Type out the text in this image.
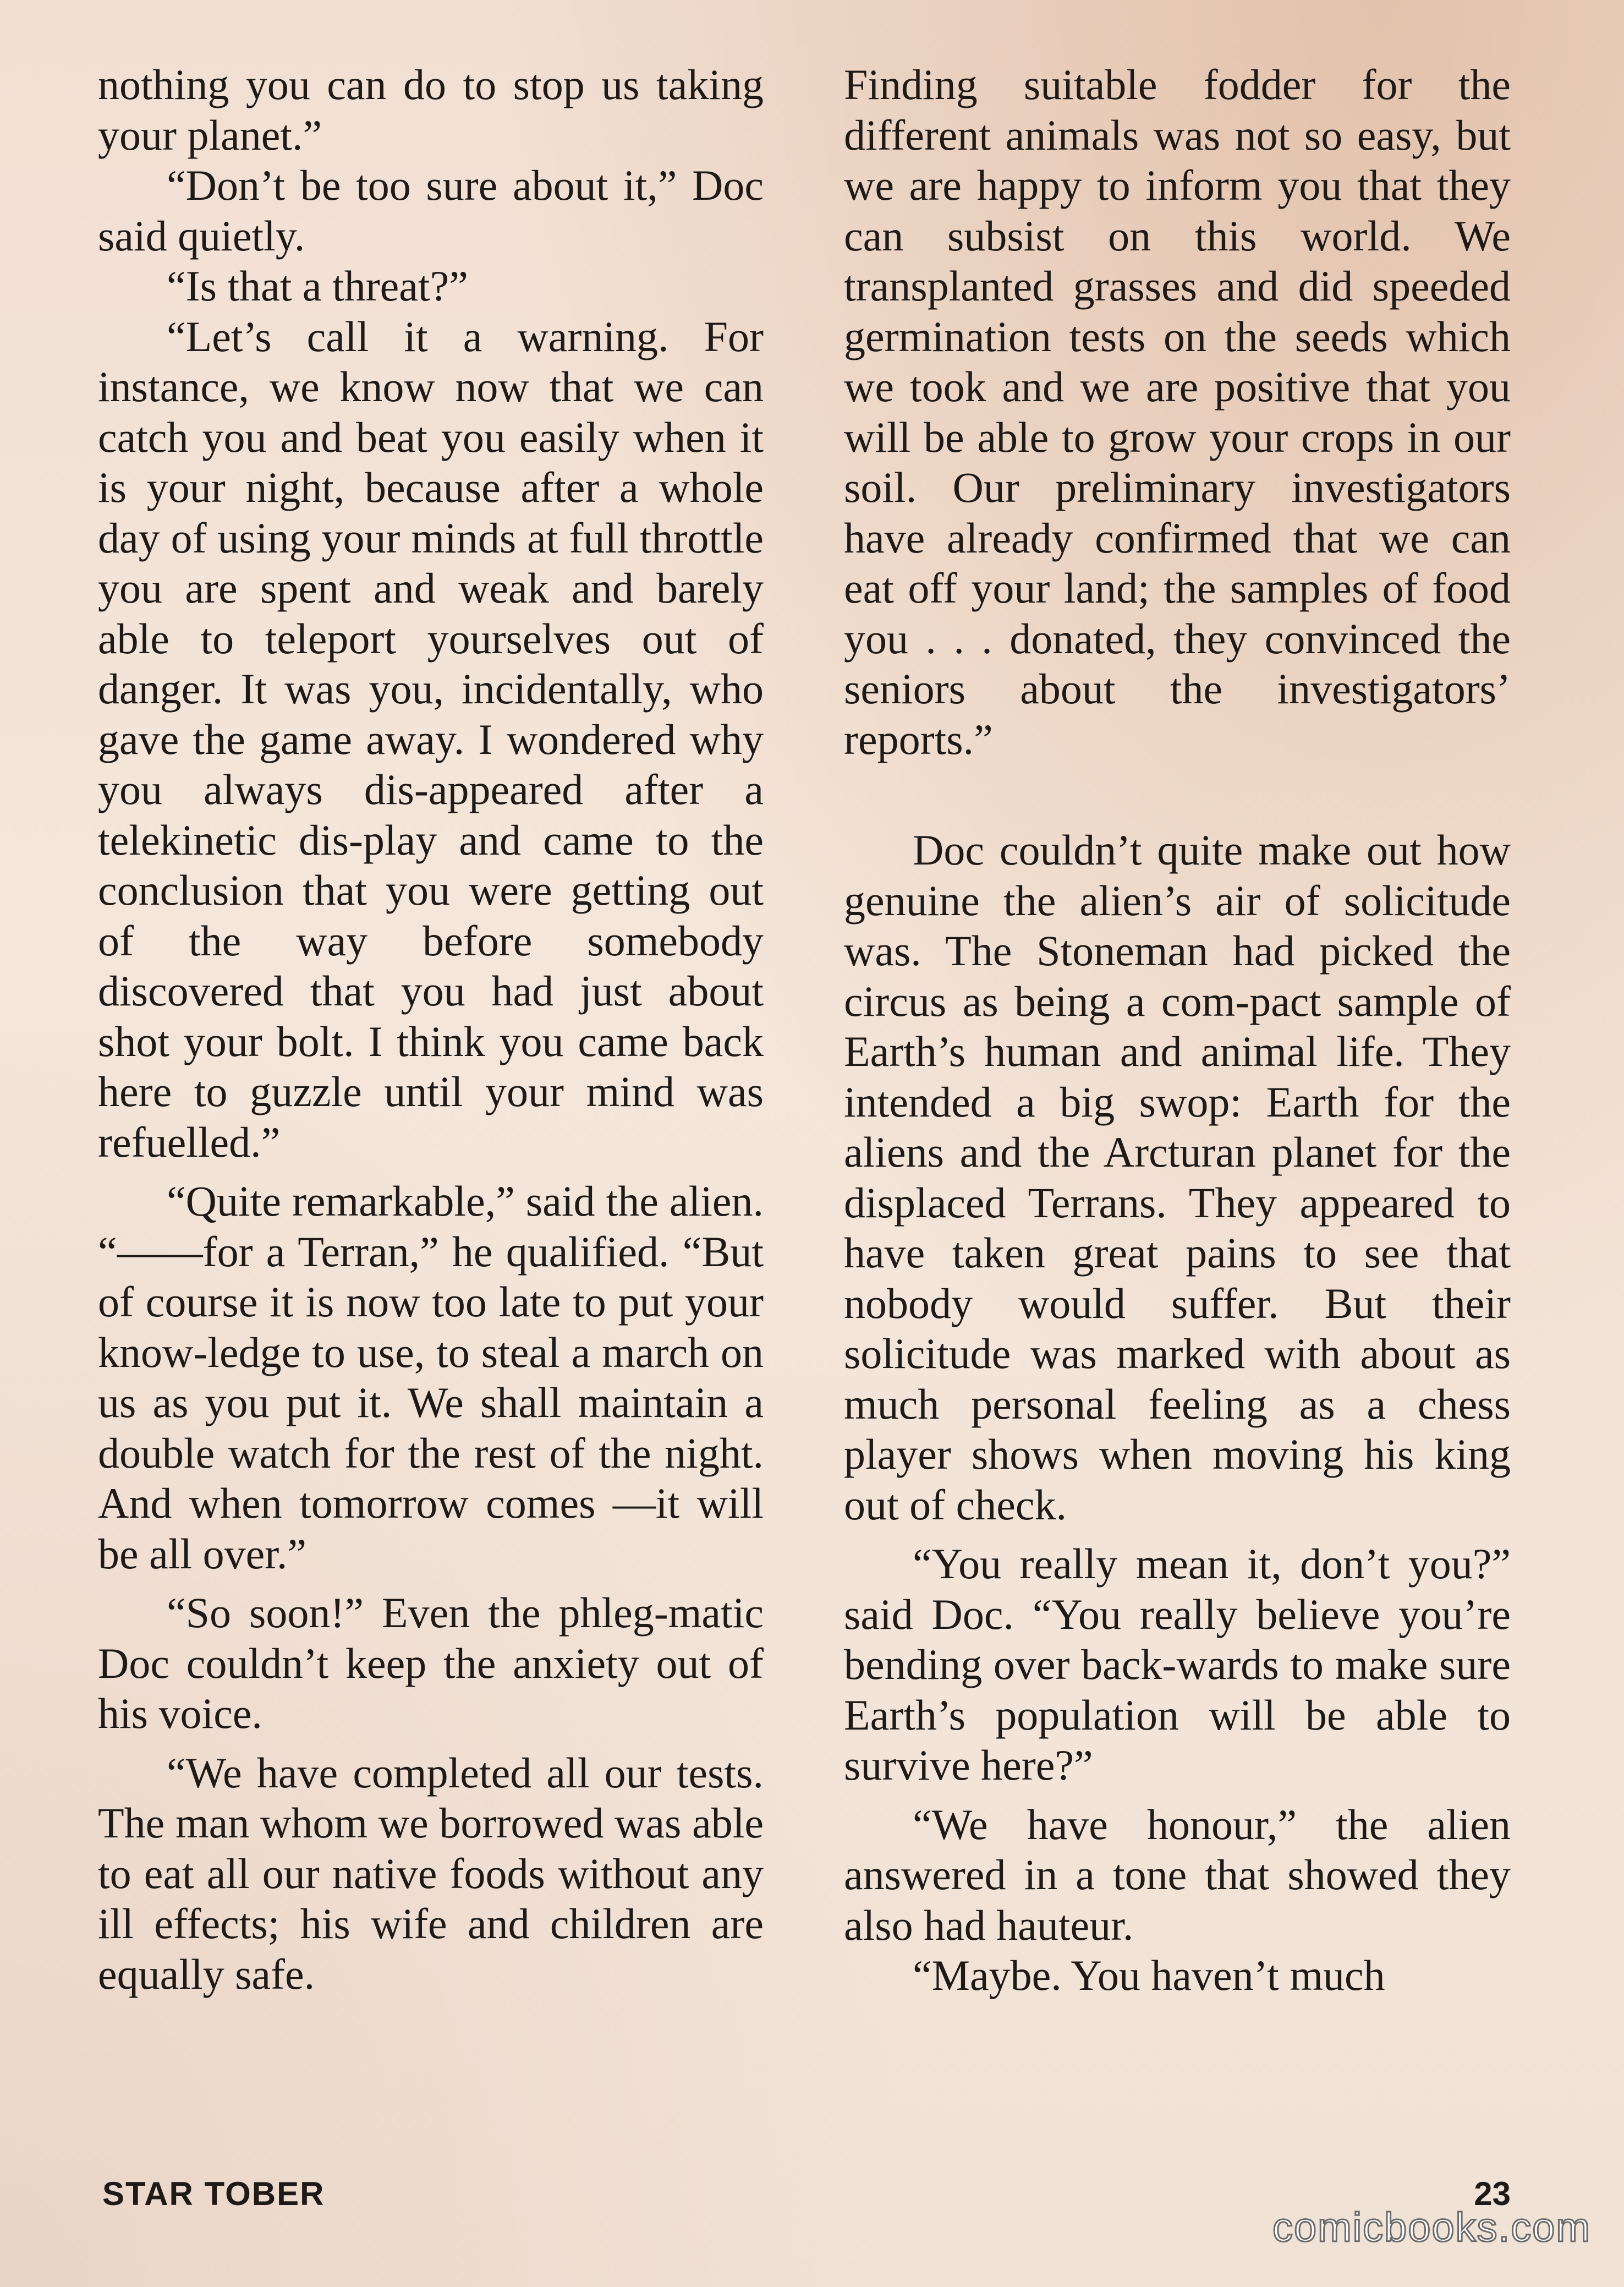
nothing you can do to stop us taking your planet.”

“Don’t be too sure about it,” Doc said quietly.

“Is that a threat?”

“Let’s call it a warning. For instance, we know now that we can catch you and beat you easily when it is your night, because after a whole day of using your minds at full throttle you are spent and weak and barely able to teleport yourselves out of danger. It was you, incidentally, who gave the game away. I wondered why you always dis-appeared after a telekinetic dis-play and came to the conclusion that you were getting out of the way before somebody discovered that you had just about shot your bolt. I think you came back here to guzzle until your mind was refuelled.”

“Quite remarkable,” said the alien. “——for a Terran,” he qualified. “But of course it is now too late to put your know-ledge to use, to steal a march on us as you put it. We shall maintain a double watch for the rest of the night. And when tomorrow comes —it will be all over.”

“So soon!” Even the phleg-matic Doc couldn’t keep the anxiety out of his voice.

“We have completed all our tests. The man whom we borrowed was able to eat all our native foods without any ill effects; his wife and children are equally safe.

Finding suitable fodder for the different animals was not so easy, but we are happy to inform you that they can subsist on this world. We transplanted grasses and did speeded germination tests on the seeds which we took and we are positive that you will be able to grow your crops in our soil. Our preliminary investigators have already confirmed that we can eat off your land; the samples of food you . . . donated, they convinced the seniors about the investigators’ reports.”

Doc couldn’t quite make out how genuine the alien’s air of solicitude was. The Stoneman had picked the circus as being a com-pact sample of Earth’s human and animal life. They intended a big swop: Earth for the aliens and the Arcturan planet for the displaced Terrans. They appeared to have taken great pains to see that nobody would suffer. But their solicitude was marked with about as much personal feeling as a chess player shows when moving his king out of check.

“You really mean it, don’t you?” said Doc. “You really believe you’re bending over back-wards to make sure Earth’s population will be able to survive here?”

“We have honour,” the alien answered in a tone that showed they also had hauteur.

“Maybe. You haven’t much

STAR TOBER	23
comicbooks.com
